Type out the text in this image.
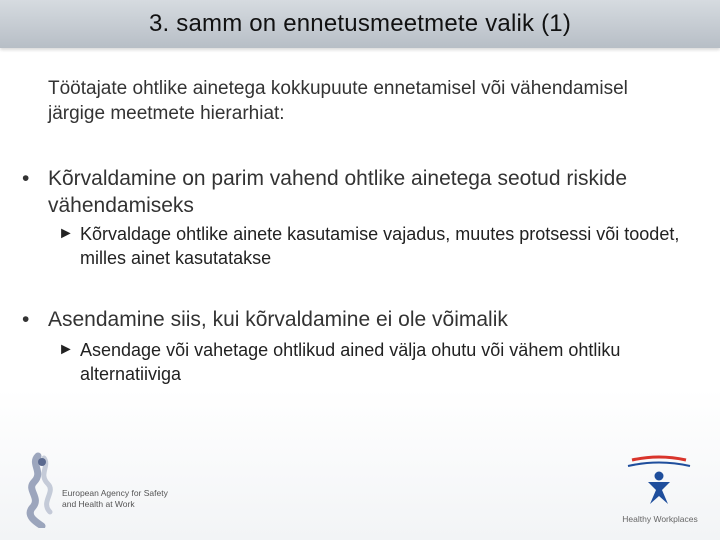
3. samm on ennetusmeetmete valik (1)
Töötajate ohtlike ainetega kokkupuute ennetamisel või vähendamisel järgige meetmete hierarhiat:
• Kõrvaldamine on parim vahend ohtlike ainetega seotud riskide vähendamiseks
► Kõrvaldage ohtlike ainete kasutamise vajadus, muutes protsessi või toodet, milles ainet kasutatakse
• Asendamine siis, kui kõrvaldamine ei ole võimalik
► Asendage või vahetage ohtlikud ained välja ohutu või vähem ohtliku alternatiiviga
European Agency for Safety and Health at Work
Healthy Workplaces
